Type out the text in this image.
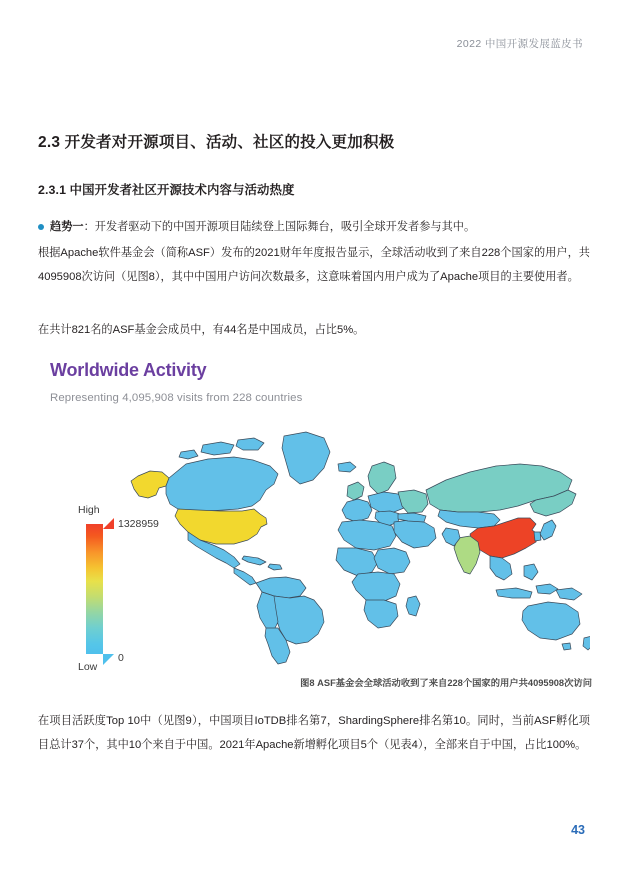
2022 中国开源发展蓝皮书
2.3 开发者对开源项目、活动、社区的投入更加积极
2.3.1 中国开发者社区开源技术内容与活动热度
趋势一：开发者驱动下的中国开源项目陆续登上国际舞台，吸引全球开发者参与其中。
根据Apache软件基金会（简称ASF）发布的2021财年年度报告显示，全球活动收到了来自228个国家的用户，共4095908次访问（见图8），其中中国用户访问次数最多，这意味着国内用户成为了Apache项目的主要使用者。
在共计821名的ASF基金会成员中，有44名是中国成员，占比5%。
Worldwide Activity
Representing 4,095,908 visits from 228 countries
High
Low
1328959
0
图8 ASF基金会全球活动收到了来自228个国家的用户共4095908次访问
在项目活跃度Top 10中（见图9），中国项目IoTDB排名第7，ShardingSphere排名第10。同时，当前ASF孵化项目总计37个，其中10个来自于中国。2021年Apache新增孵化项目5个（见表4），全部来自于中国，占比100%。
43
